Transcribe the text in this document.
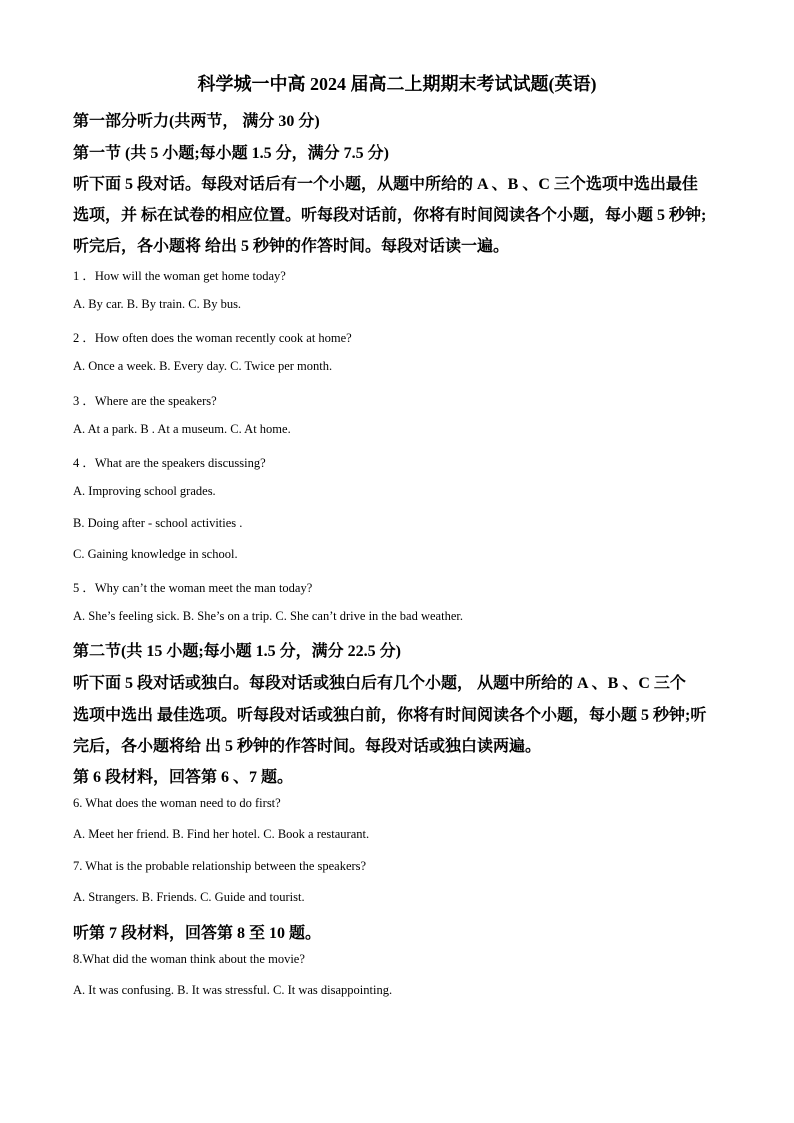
科学城一中高 2024 届高二上期期末考试试题(英语)
第一部分听力(共两节， 满分 30 分)
第一节 (共 5 小题;每小题 1.5 分，满分 7.5 分)
听下面 5 段对话。每段对话后有一个小题，从题中所给的 A 、B 、C 三个选项中选出最佳
选项，并 标在试卷的相应位置。听每段对话前，你将有时间阅读各个小题，每小题 5 秒钟;
听完后，各小题将 给出 5 秒钟的作答时间。每段对话读一遍。
1 ．How will the woman get home today?
A. By car. B. By train. C. By bus.
2 ．How often does the woman recently cook at home?
A. Once a week. B. Every day. C. Twice per month.
3 ．Where are the speakers?
A. At a park. B . At a museum. C. At home.
4 ．What are the speakers discussing?
A. Improving school grades.
B. Doing after - school activities .
C. Gaining knowledge in school.
5 ．Why can’t the woman meet the man today?
A. She’s feeling sick. B. She’s on a trip. C. She can’t drive in the bad weather.
第二节(共 15 小题;每小题 1.5 分，满分 22.5 分)
听下面 5 段对话或独白。每段对话或独白后有几个小题， 从题中所给的 A 、B 、C 三个
选项中选出 最佳选项。听每段对话或独白前，你将有时间阅读各个小题，每小题 5 秒钟;听
完后，各小题将给 出 5 秒钟的作答时间。每段对话或独白读两遍。
第 6 段材料，回答第 6 、7 题。
6. What does the woman need to do first?
A. Meet her friend. B. Find her hotel. C. Book a restaurant.
7. What is the probable relationship between the speakers?
A. Strangers. B. Friends. C. Guide and tourist.
听第 7 段材料，回答第 8 至 10 题。
8.What did the woman think about the movie?
A. It was confusing. B. It was stressful. C. It was disappointing.
